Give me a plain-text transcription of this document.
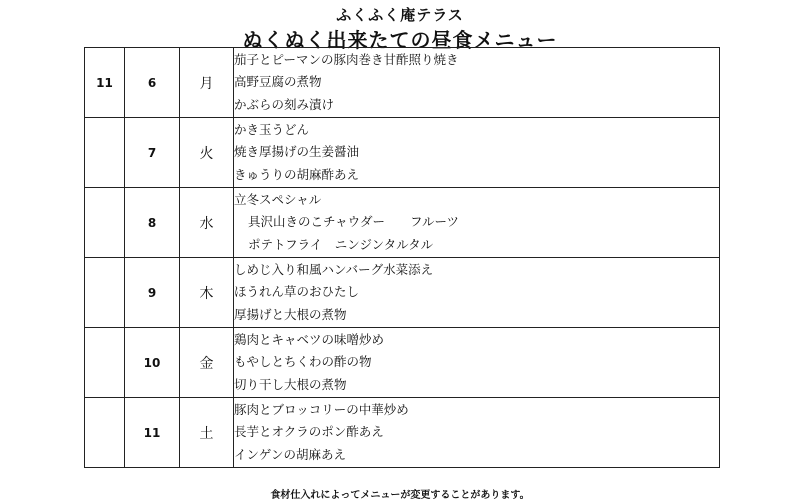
ふくふく庵テラス
ぬくぬく出来たての昼食メニュー
11	6	月	茄子とピーマンの豚肉巻き甘酢照り焼き
高野豆腐の煮物
かぶらの刻み漬け

	7	火	かき玉うどん
焼き厚揚げの生姜醤油
きゅうりの胡麻酢あえ

	8	水	立冬スペシャル
具沢山きのこチャウダー　　フルーツ
ポテトフライ　ニンジンタルタル

	9	木	しめじ入り和風ハンバーグ水菜添え
ほうれん草のおひたし
厚揚げと大根の煮物

	10	金	鶏肉とキャベツの味噌炒め
もやしとちくわの酢の物
切り干し大根の煮物

	11	土	豚肉とブロッコリーの中華炒め
長芋とオクラのポン酢あえ
インゲンの胡麻あえ
食材仕入れによってメニューが変更することがあります。
